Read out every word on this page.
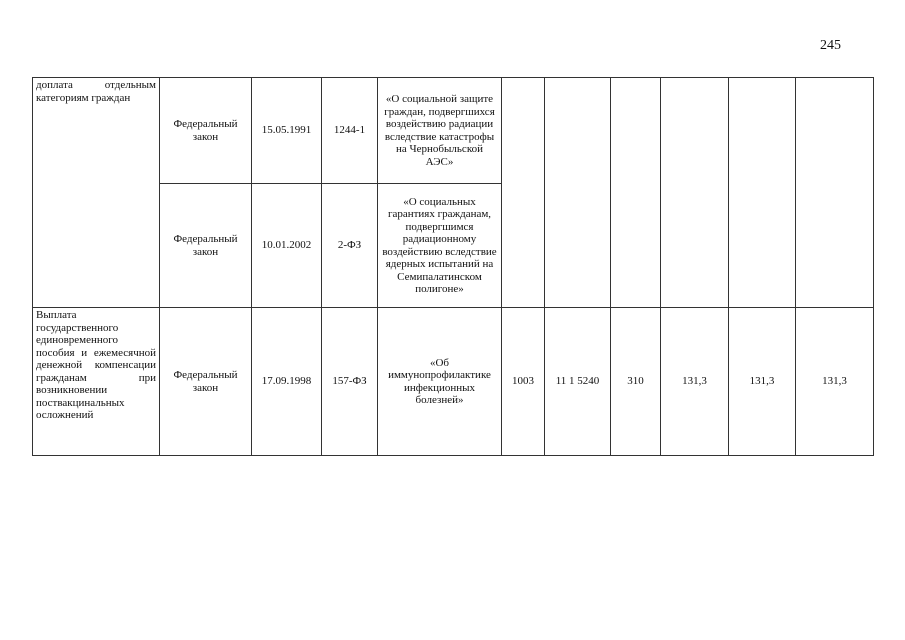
245
доплата отдельным категориям граждан	Федеральный закон	15.05.1991	1244-1	«О социальной защите граждан, подвергшихся воздействию радиации вследствие катастрофы на Чернобыльской АЭС»						
	Федеральный закон	10.01.2002	2-ФЗ	«О социальных гарантиях гражданам, подвергшимся радиационному воздействию вследствие ядерных испытаний на Семипалатинском полигоне»						
Выплата государственного единовременного пособия и ежемесячной денежной компенсации гражданам при возникновении поствакцинальных осложнений	Федеральный закон	17.09.1998	157-ФЗ	«Об иммунопрофилактике инфекционных болезней»	1003	11 1 5240	310	131,3	131,3	131,3
